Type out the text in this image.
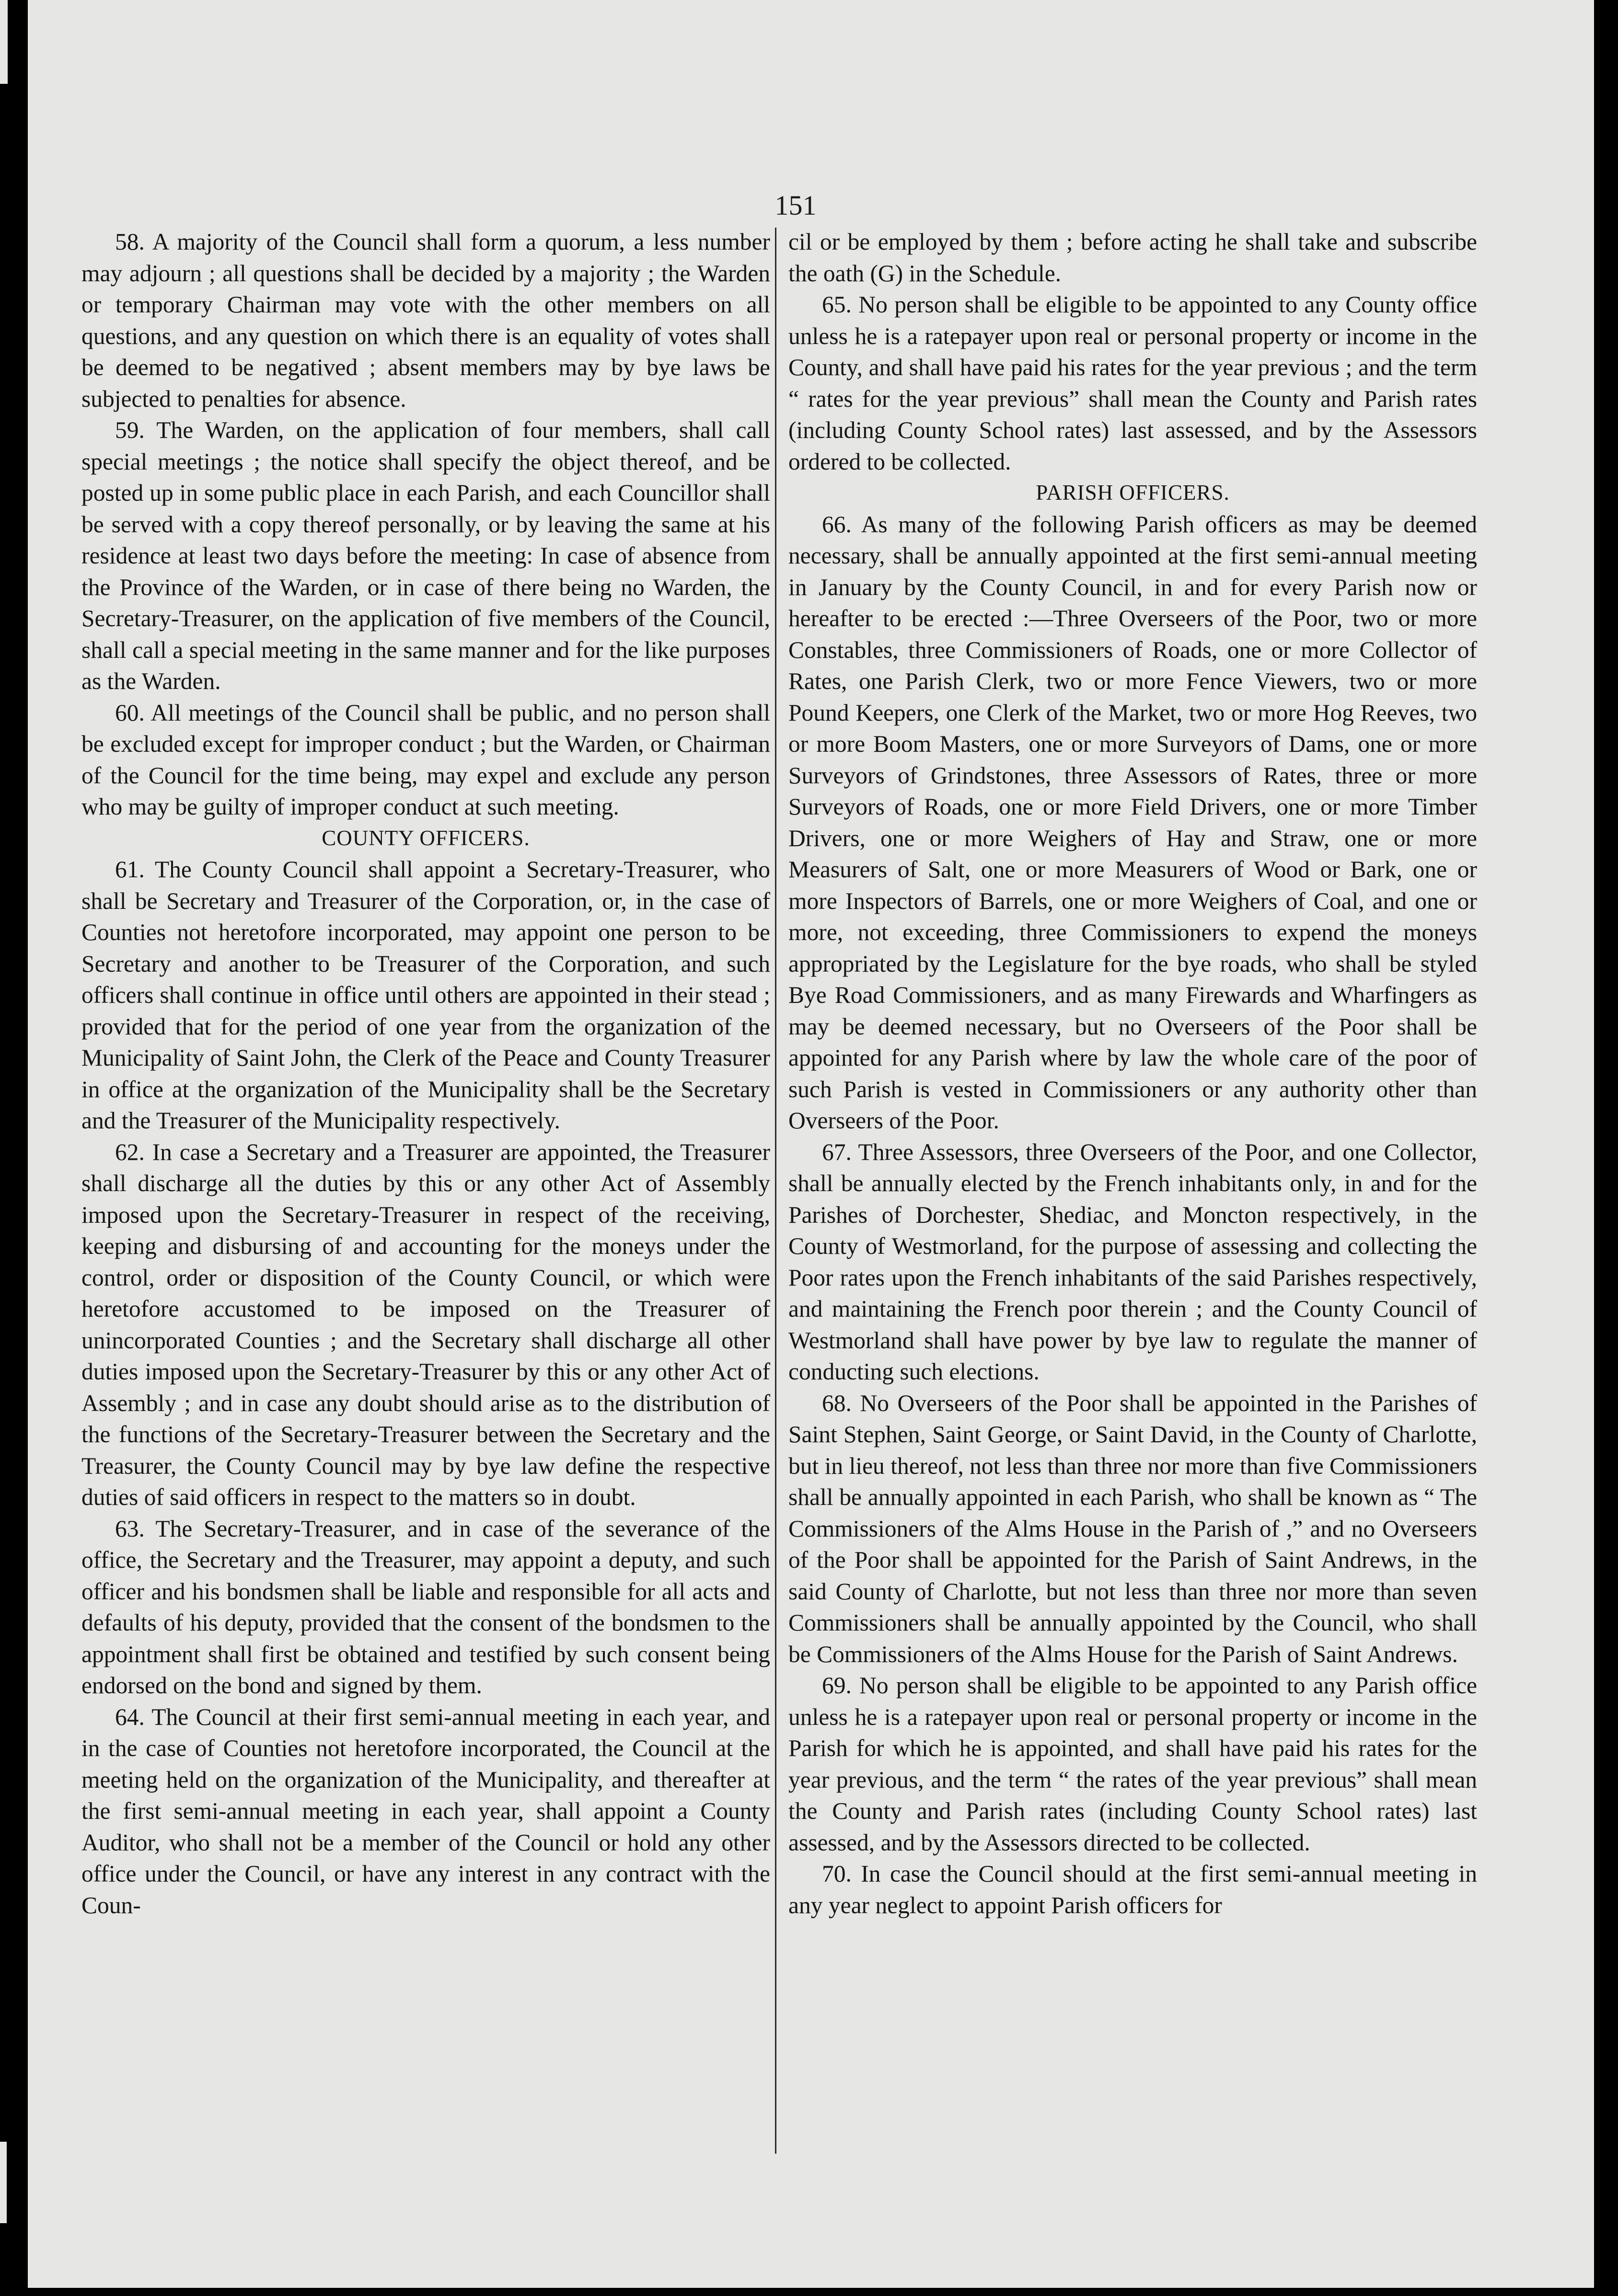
151

58. A majority of the Council shall form a quorum, a less number may adjourn ; all questions shall be decided by a majority ; the Warden or temporary Chairman may vote with the other members on all questions, and any question on which there is an equality of votes shall be deemed to be negatived ; absent members may by bye laws be subjected to penalties for absence.

59. The Warden, on the application of four members, shall call special meetings ; the notice shall specify the object thereof, and be posted up in some public place in each Parish, and each Councillor shall be served with a copy thereof personally, or by leaving the same at his residence at least two days before the meeting: In case of absence from the Province of the Warden, or in case of there being no Warden, the Secretary-Treasurer, on the application of five members of the Council, shall call a special meeting in the same manner and for the like purposes as the Warden.

60. All meetings of the Council shall be public, and no person shall be excluded except for improper conduct ; but the Warden, or Chairman of the Council for the time being, may expel and exclude any person who may be guilty of improper conduct at such meeting.

COUNTY OFFICERS.

61. The County Council shall appoint a Secretary-Treasurer, who shall be Secretary and Treasurer of the Corporation, or, in the case of Counties not heretofore incorporated, may appoint one person to be Secretary and another to be Treasurer of the Corporation, and such officers shall continue in office until others are appointed in their stead ; provided that for the period of one year from the organization of the Municipality of Saint John, the Clerk of the Peace and County Treasurer in office at the organization of the Municipality shall be the Secretary and the Treasurer of the Municipality respectively.

62. In case a Secretary and a Treasurer are appointed, the Treasurer shall discharge all the duties by this or any other Act of Assembly imposed upon the Secretary-Treasurer in respect of the receiving, keeping and disbursing of and accounting for the moneys under the control, order or disposition of the County Council, or which were heretofore accustomed to be imposed on the Treasurer of unincorporated Counties ; and the Secretary shall discharge all other duties imposed upon the Secretary-Treasurer by this or any other Act of Assembly ; and in case any doubt should arise as to the distribution of the functions of the Secretary-Treasurer between the Secretary and the Treasurer, the County Council may by bye law define the respective duties of said officers in respect to the matters so in doubt.

63. The Secretary-Treasurer, and in case of the severance of the office, the Secretary and the Treasurer, may appoint a deputy, and such officer and his bondsmen shall be liable and responsible for all acts and defaults of his deputy, provided that the consent of the bondsmen to the appointment shall first be obtained and testified by such consent being endorsed on the bond and signed by them.

64. The Council at their first semi-annual meeting in each year, and in the case of Counties not heretofore incorporated, the Council at the meeting held on the organization of the Municipality, and thereafter at the first semi-annual meeting in each year, shall appoint a County Auditor, who shall not be a member of the Council or hold any other office under the Council, or have any interest in any contract with the Coun-

cil or be employed by them ; before acting he shall take and subscribe the oath (G) in the Schedule.

65. No person shall be eligible to be appointed to any County office unless he is a ratepayer upon real or personal property or income in the County, and shall have paid his rates for the year previous ; and the term “ rates for the year previous” shall mean the County and Parish rates (including County School rates) last assessed, and by the Assessors ordered to be collected.

PARISH OFFICERS.

66. As many of the following Parish officers as may be deemed necessary, shall be annually appointed at the first semi-annual meeting in January by the County Council, in and for every Parish now or hereafter to be erected :—Three Overseers of the Poor, two or more Constables, three Commissioners of Roads, one or more Collector of Rates, one Parish Clerk, two or more Fence Viewers, two or more Pound Keepers, one Clerk of the Market, two or more Hog Reeves, two or more Boom Masters, one or more Surveyors of Dams, one or more Surveyors of Grindstones, three Assessors of Rates, three or more Surveyors of Roads, one or more Field Drivers, one or more Timber Drivers, one or more Weighers of Hay and Straw, one or more Measurers of Salt, one or more Measurers of Wood or Bark, one or more Inspectors of Barrels, one or more Weighers of Coal, and one or more, not exceeding, three Commissioners to expend the moneys appropriated by the Legislature for the bye roads, who shall be styled Bye Road Commissioners, and as many Firewards and Wharfingers as may be deemed necessary, but no Overseers of the Poor shall be appointed for any Parish where by law the whole care of the poor of such Parish is vested in Commissioners or any authority other than Overseers of the Poor.

67. Three Assessors, three Overseers of the Poor, and one Collector, shall be annually elected by the French inhabitants only, in and for the Parishes of Dorchester, Shediac, and Moncton respectively, in the County of Westmorland, for the purpose of assessing and collecting the Poor rates upon the French inhabitants of the said Parishes respectively, and maintaining the French poor therein ; and the County Council of Westmorland shall have power by bye law to regulate the manner of conducting such elections.

68. No Overseers of the Poor shall be appointed in the Parishes of Saint Stephen, Saint George, or Saint David, in the County of Charlotte, but in lieu thereof, not less than three nor more than five Commissioners shall be annually appointed in each Parish, who shall be known as “ The Commissioners of the Alms House in the Parish of ,” and no Overseers of the Poor shall be appointed for the Parish of Saint Andrews, in the said County of Charlotte, but not less than three nor more than seven Commissioners shall be annually appointed by the Council, who shall be Commissioners of the Alms House for the Parish of Saint Andrews.

69. No person shall be eligible to be appointed to any Parish office unless he is a ratepayer upon real or personal property or income in the Parish for which he is appointed, and shall have paid his rates for the year previous, and the term “ the rates of the year previous” shall mean the County and Parish rates (including County School rates) last assessed, and by the Assessors directed to be collected.

70. In case the Council should at the first semi-annual meeting in any year neglect to appoint Parish officers for
